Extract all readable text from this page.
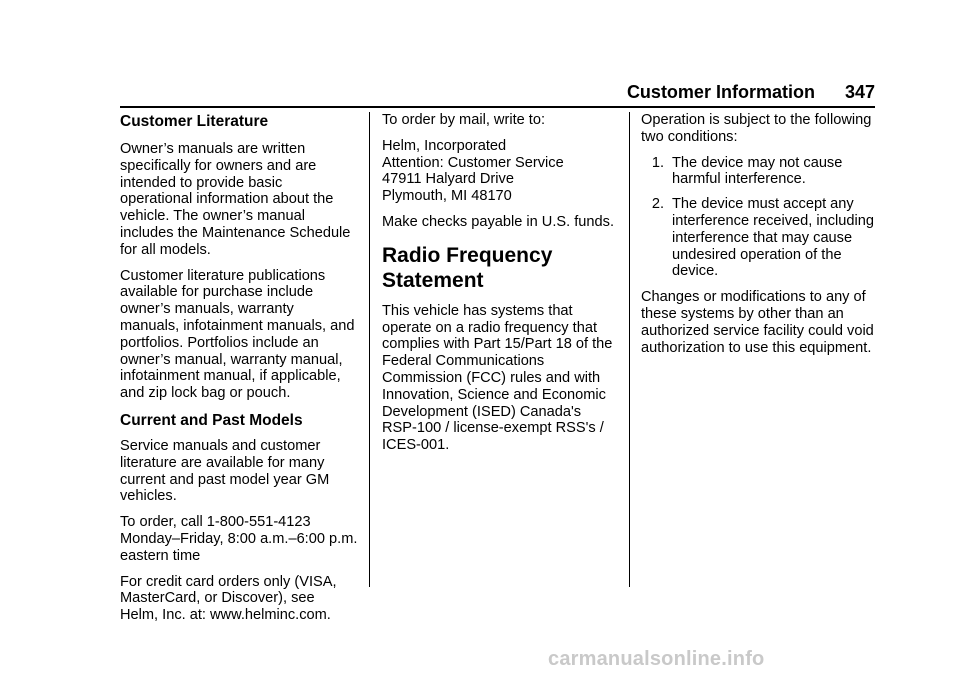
Customer Information 347
Customer Literature

Owner’s manuals are written
specifically for owners and are
intended to provide basic
operational information about the
vehicle. The owner’s manual
includes the Maintenance Schedule
for all models.

Customer literature publications
available for purchase include
owner’s manuals, warranty
manuals, infotainment manuals, and
portfolios. Portfolios include an
owner’s manual, warranty manual,
infotainment manual, if applicable,
and zip lock bag or pouch.

Current and Past Models

Service manuals and customer
literature are available for many
current and past model year GM
vehicles.

To order, call 1-800-551-4123
Monday–Friday, 8:00 a.m.–6:00 p.m.
eastern time

For credit card orders only (VISA,
MasterCard, or Discover), see
Helm, Inc. at: www.helminc.com.

To order by mail, write to:

Helm, Incorporated
Attention: Customer Service
47911 Halyard Drive
Plymouth, MI 48170

Make checks payable in U.S. funds.

Radio Frequency
Statement

This vehicle has systems that
operate on a radio frequency that
complies with Part 15/Part 18 of the
Federal Communications
Commission (FCC) rules and with
Innovation, Science and Economic
Development (ISED) Canada's
RSP-100 / license-exempt RSS's /
ICES-001.

Operation is subject to the following
two conditions:

1. The device may not cause
harmful interference.
2. The device must accept any
interference received, including
interference that may cause
undesired operation of the
device.

Changes or modifications to any of
these systems by other than an
authorized service facility could void
authorization to use this equipment.

carmanualsonline.info
